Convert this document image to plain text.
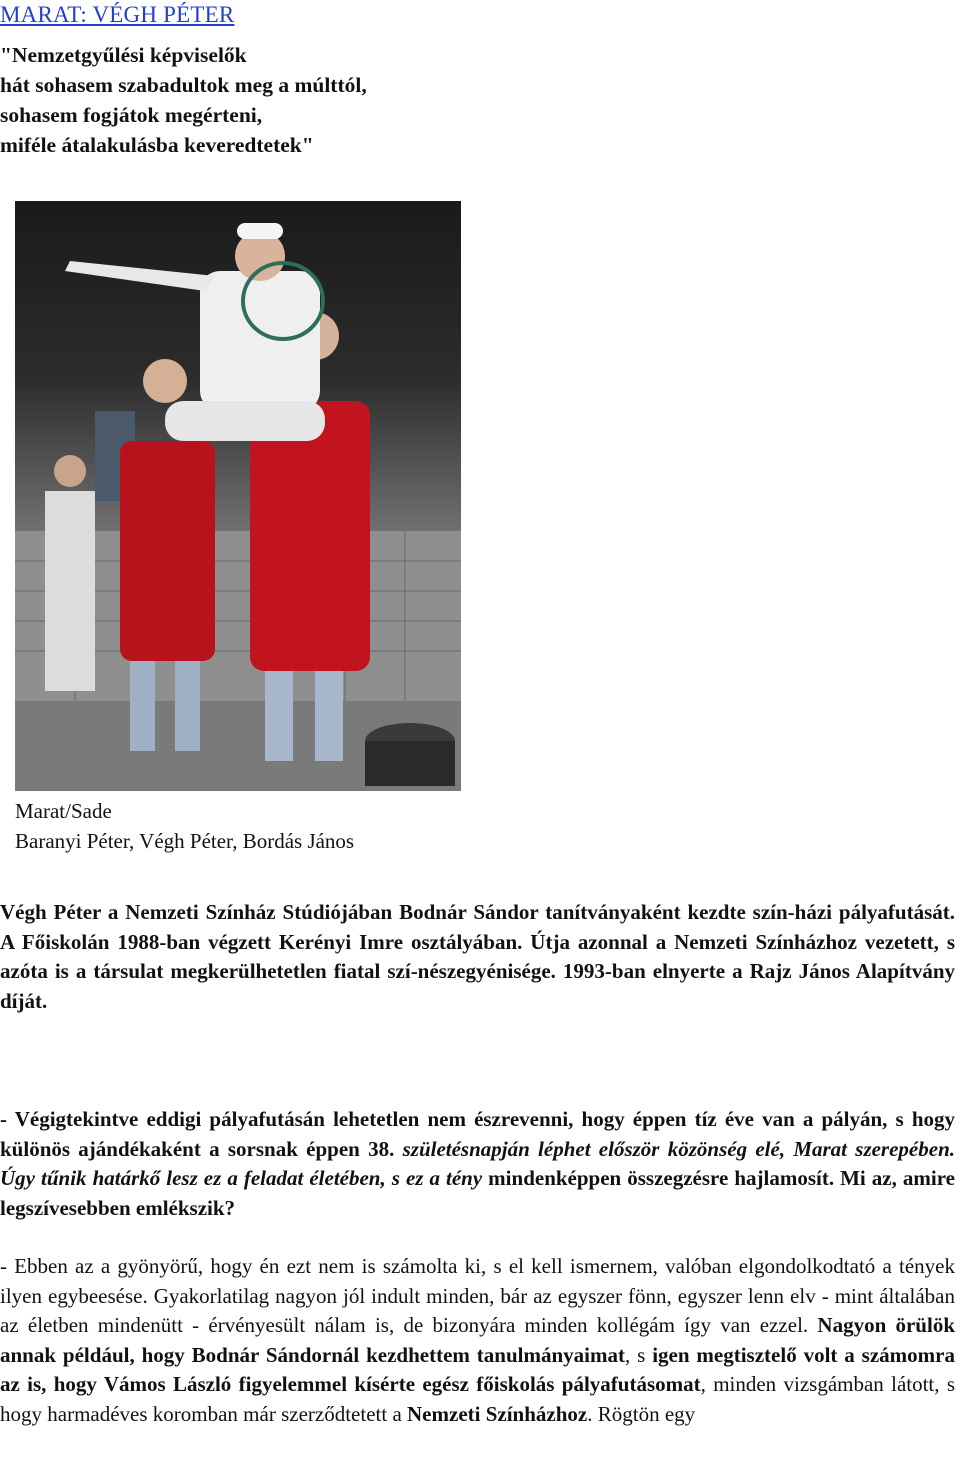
MARAT: VÉGH PÉTER
"Nemzetgyűlési képviselők
hát sohasem szabadultok meg a múlttól,
sohasem fogjátok megérteni,
miféle átalakulásba keveredtetek"
Marat/Sade
Baranyi Péter, Végh Péter, Bordás János

Végh Péter a Nemzeti Színház Stúdiójában Bodnár Sándor tanítványaként kezdte szín-házi pályafutását. A Főiskolán 1988-ban végzett Kerényi Imre osztályában. Útja azonnal a Nemzeti Színházhoz vezetett, s azóta is a társulat megkerülhetetlen fiatal szí-nészegyénisége. 1993-ban elnyerte a Rajz János Alapítvány díját.

- Végigtekintve eddigi pályafutásán lehetetlen nem észrevenni, hogy éppen tíz éve van a pályán, s hogy különös ajándékaként a sorsnak éppen 38. születésnapján léphet először közönség elé, Marat szerepében. Úgy tűnik határkő lesz ez a feladat életében, s ez a tény mindenképpen összegzésre hajlamosít. Mi az, amire legszívesebben emlékszik?

- Ebben az a gyönyörű, hogy én ezt nem is számolta ki, s el kell ismernem, valóban elgondolkodtató a tények ilyen egybeesése. Gyakorlatilag nagyon jól indult minden, bár az egyszer fönn, egyszer lenn elv - mint általában az életben mindenütt - érvényesült nálam is, de bizonyára minden kollégám így van ezzel. Nagyon örülök annak például, hogy Bodnár Sándornál kezdhettem tanulmányaimat, s igen megtisztelő volt a számomra az is, hogy Vámos László figyelemmel kísérte egész főiskolás pályafutásomat, minden vizsgámban látott, s hogy harmadéves koromban már szerződtetett a Nemzeti Színházhoz. Rögtön egy
